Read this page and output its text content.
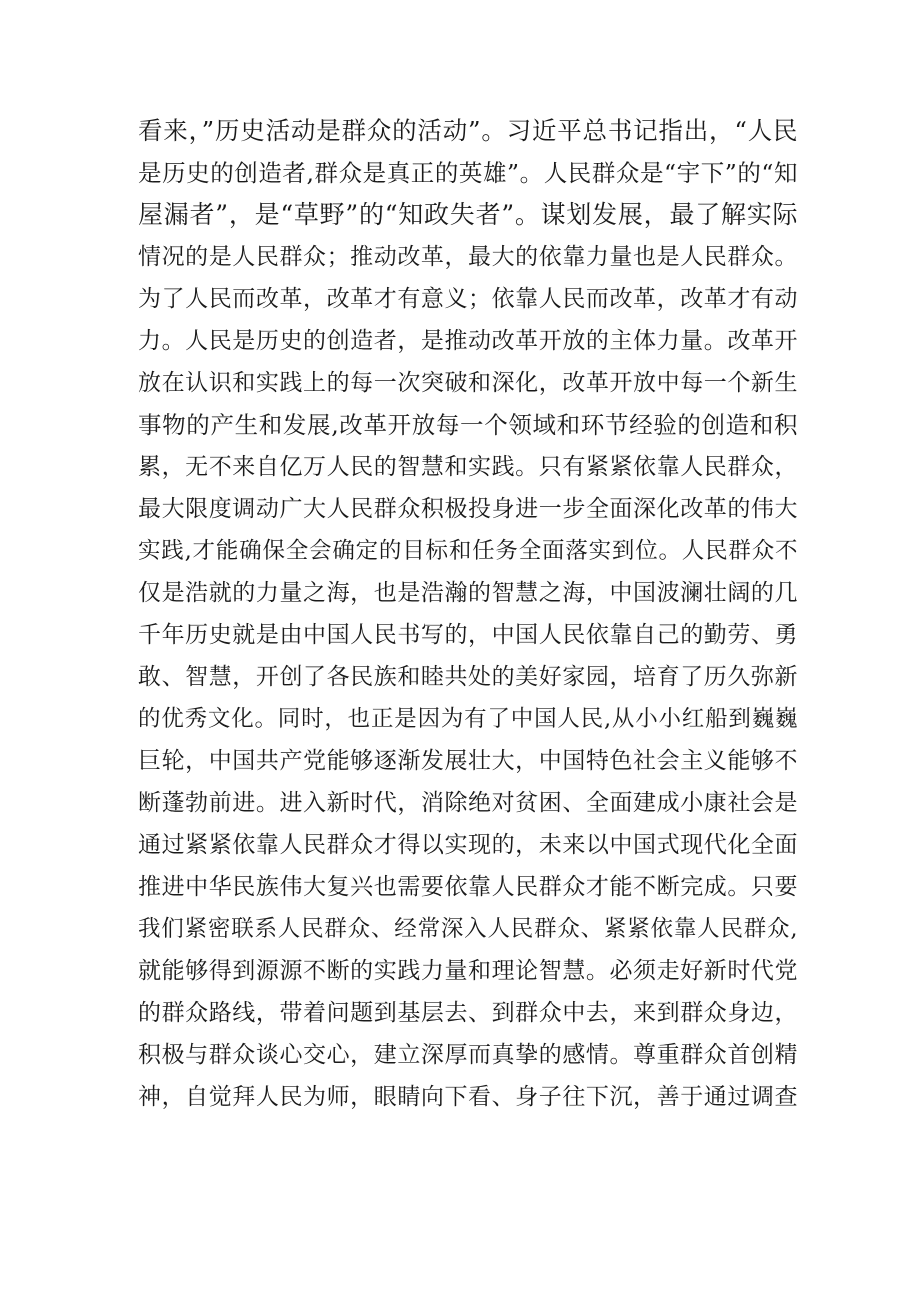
看来，”历史活动是群众的活动”。习近平总书记指出，“人民
是历史的创造者,群众是真正的英雄”。人民群众是“宇下”的“知
屋漏者”，是“草野”的“知政失者”。谋划发展，最了解实际
情况的是人民群众；推动改革，最大的依靠力量也是人民群众。
为了人民而改革，改革才有意义；依靠人民而改革，改革才有动
力。人民是历史的创造者，是推动改革开放的主体力量。改革开
放在认识和实践上的每一次突破和深化，改革开放中每一个新生
事物的产生和发展,改革开放每一个领域和环节经验的创造和积
累，无不来自亿万人民的智慧和实践。只有紧紧依靠人民群众，
最大限度调动广大人民群众积极投身进一步全面深化改革的伟大
实践,才能确保全会确定的目标和任务全面落实到位。人民群众不
仅是浩就的力量之海，也是浩瀚的智慧之海，中国波澜壮阔的几
千年历史就是由中国人民书写的，中国人民依靠自己的勤劳、勇
敢、智慧，开创了各民族和睦共处的美好家园，培育了历久弥新
的优秀文化。同时，也正是因为有了中国人民,从小小红船到巍巍
巨轮，中国共产党能够逐渐发展壮大，中国特色社会主义能够不
断蓬勃前进。进入新时代，消除绝对贫困、全面建成小康社会是
通过紧紧依靠人民群众才得以实现的，未来以中国式现代化全面
推进中华民族伟大复兴也需要依靠人民群众才能不断完成。只要
我们紧密联系人民群众、经常深入人民群众、紧紧依靠人民群众,
就能够得到源源不断的实践力量和理论智慧。必须走好新时代党
的群众路线，带着问题到基层去、到群众中去，来到群众身边，
积极与群众谈心交心，建立深厚而真挚的感情。尊重群众首创精
神，自觉拜人民为师，眼睛向下看、身子往下沉，善于通过调查
